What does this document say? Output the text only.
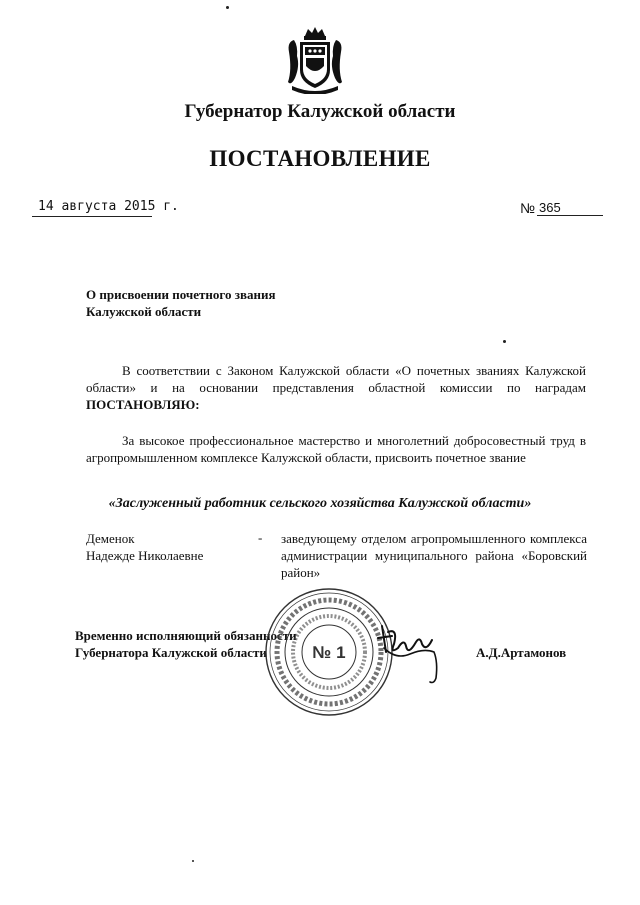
Губернатор Калужской области
ПОСТАНОВЛЕНИЕ
14 августа 2015 г.	№ 365
О присвоении почетного звания
Калужской области
В соответствии с Законом Калужской области «О почетных званиях Калужской области» и на основании представления областной комиссии по наградам ПОСТАНОВЛЯЮ:
За высокое профессиональное мастерство и многолетний добросовестный труд в агропромышленном комплексе Калужской области, присвоить почетное звание
«Заслуженный работник сельского хозяйства Калужской области»
Деменок
Надежде Николаевне
- заведующему отделом агропромышленного комплекса администрации муниципального района «Боровский район»
Временно исполняющий обязанности
Губернатора Калужской области	№ 1	А.Д.Артамонов
